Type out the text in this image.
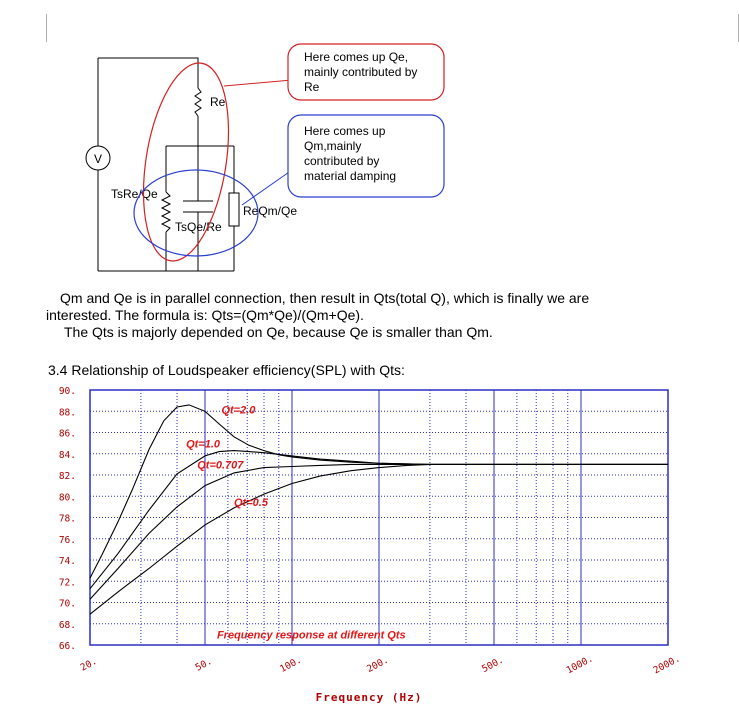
V
Re
TsRe/Qe
TsQe/Re
ReQm/Qe
Here comes up Qe,
mainly contributed by
Re
Here comes up
Qm,mainly
contributed by
material damping

Qm and Qe is in parallel connection, then result in Qts(total Q), which is finally we are

interested. The formula is: Qts=(Qm*Qe)/(Qm+Qe).

The Qts is majorly depended on Qe, because Qe is smaller than Qm.

3.4 Relationship of Loudspeaker efficiency(SPL) with Qts:
90.
88.
86.
84.
82.
80.
78.
76.
74.
72.
70.
68.
66.
20.	50.	100.	200.	500.	1000.	2000.
Qt=2.0
Qt=1.0
Qt=0.707
Qt=0.5
Frequency response at different Qts
Frequency (Hz)
